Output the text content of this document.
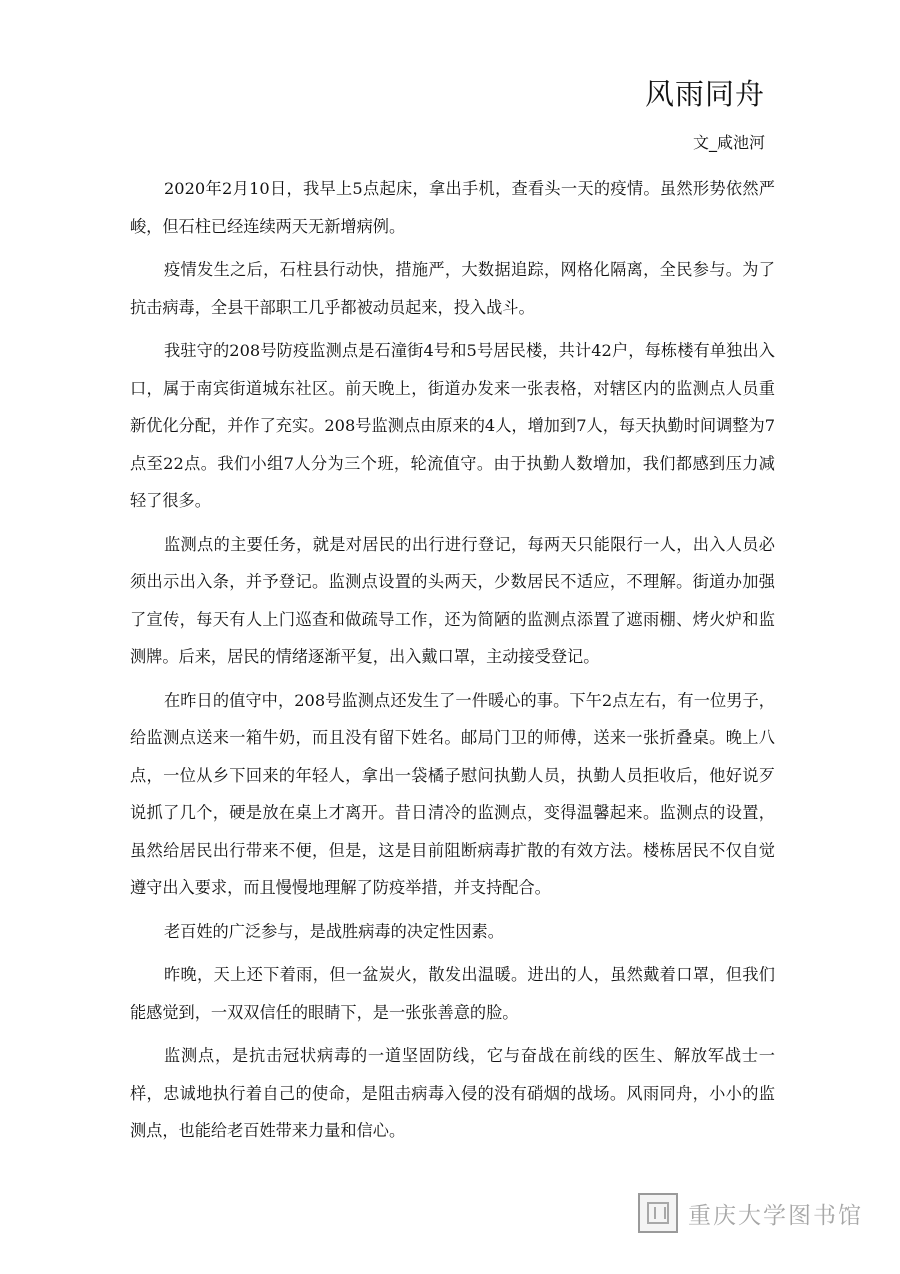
风雨同舟
文_咸池河

2020年2月10日，我早上5点起床，拿出手机，查看头一天的疫情。虽然形势依然严峻，但石柱已经连续两天无新增病例。

疫情发生之后，石柱县行动快，措施严，大数据追踪，网格化隔离，全民参与。为了抗击病毒，全县干部职工几乎都被动员起来，投入战斗。

我驻守的208号防疫监测点是石潼街4号和5号居民楼，共计42户，每栋楼有单独出入口，属于南宾街道城东社区。前天晚上，街道办发来一张表格，对辖区内的监测点人员重新优化分配，并作了充实。208号监测点由原来的4人，增加到7人，每天执勤时间调整为7点至22点。我们小组7人分为三个班，轮流值守。由于执勤人数增加，我们都感到压力减轻了很多。

监测点的主要任务，就是对居民的出行进行登记，每两天只能限行一人，出入人员必须出示出入条，并予登记。监测点设置的头两天，少数居民不适应，不理解。街道办加强了宣传，每天有人上门巡查和做疏导工作，还为简陋的监测点添置了遮雨棚、烤火炉和监测牌。后来，居民的情绪逐渐平复，出入戴口罩，主动接受登记。

在昨日的值守中，208号监测点还发生了一件暖心的事。下午2点左右，有一位男子，给监测点送来一箱牛奶，而且没有留下姓名。邮局门卫的师傅，送来一张折叠桌。晚上八点，一位从乡下回来的年轻人，拿出一袋橘子慰问执勤人员，执勤人员拒收后，他好说歹说抓了几个，硬是放在桌上才离开。昔日清冷的监测点，变得温馨起来。监测点的设置，虽然给居民出行带来不便，但是，这是目前阻断病毒扩散的有效方法。楼栋居民不仅自觉遵守出入要求，而且慢慢地理解了防疫举措，并支持配合。

老百姓的广泛参与，是战胜病毒的决定性因素。

昨晚，天上还下着雨，但一盆炭火，散发出温暖。进出的人，虽然戴着口罩，但我们能感觉到，一双双信任的眼睛下，是一张张善意的脸。

监测点，是抗击冠状病毒的一道坚固防线，它与奋战在前线的医生、解放军战士一样，忠诚地执行着自己的使命，是阻击病毒入侵的没有硝烟的战场。风雨同舟，小小的监测点，也能给老百姓带来力量和信心。

重庆大学图书馆
